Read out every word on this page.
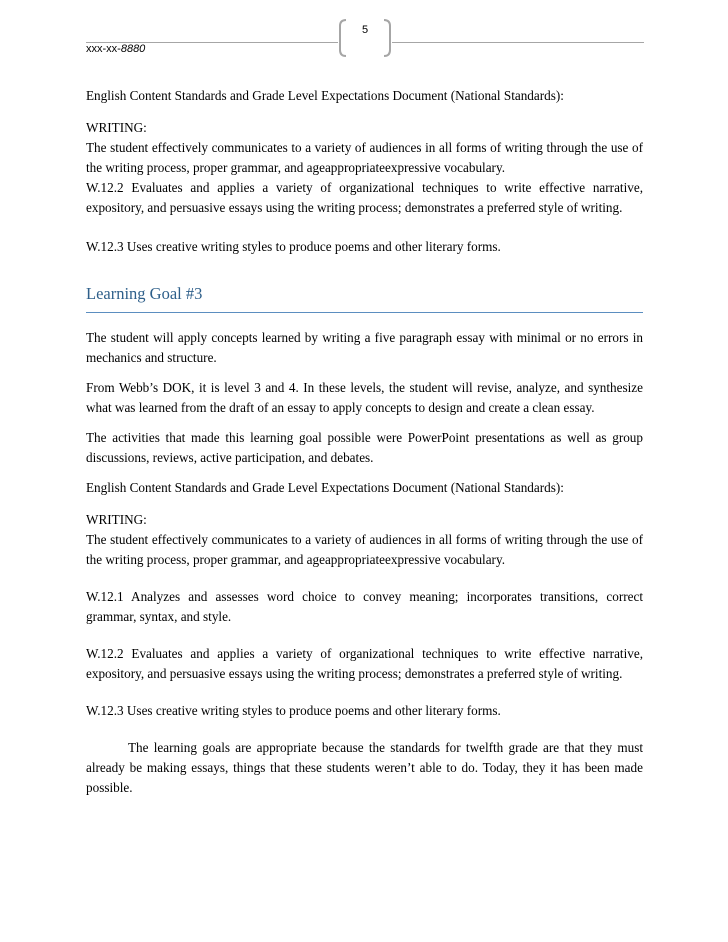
5
xxx-xx-8880

English Content Standards and Grade Level Expectations Document (National Standards):

WRITING:

The student effectively communicates to a variety of audiences in all forms of writing through the use of the writing process, proper grammar, and ageappropriateexpressive vocabulary.

W.12.2 Evaluates and applies a variety of organizational techniques to write effective narrative, expository, and persuasive essays using the writing process; demonstrates a preferred style of writing.

W.12.3 Uses creative writing styles to produce poems and other literary forms.

Learning Goal #3

The student will apply concepts learned by writing a five paragraph essay with minimal or no errors in mechanics and structure.

From Webb’s DOK, it is level 3 and 4. In these levels, the student will revise, analyze, and synthesize what was learned from the draft of an essay to apply concepts to design and create a clean essay.

The activities that made this learning goal possible were PowerPoint presentations as well as group discussions, reviews, active participation, and debates.

English Content Standards and Grade Level Expectations Document (National Standards):

WRITING:

The student effectively communicates to a variety of audiences in all forms of writing through the use of the writing process, proper grammar, and ageappropriateexpressive vocabulary.

W.12.1 Analyzes and assesses word choice to convey meaning; incorporates transitions, correct grammar, syntax, and style.

W.12.2 Evaluates and applies a variety of organizational techniques to write effective narrative, expository, and persuasive essays using the writing process; demonstrates a preferred style of writing.

W.12.3 Uses creative writing styles to produce poems and other literary forms.

The learning goals are appropriate because the standards for twelfth grade are that they must already be making essays, things that these students weren’t able to do. Today, they it has been made possible.
